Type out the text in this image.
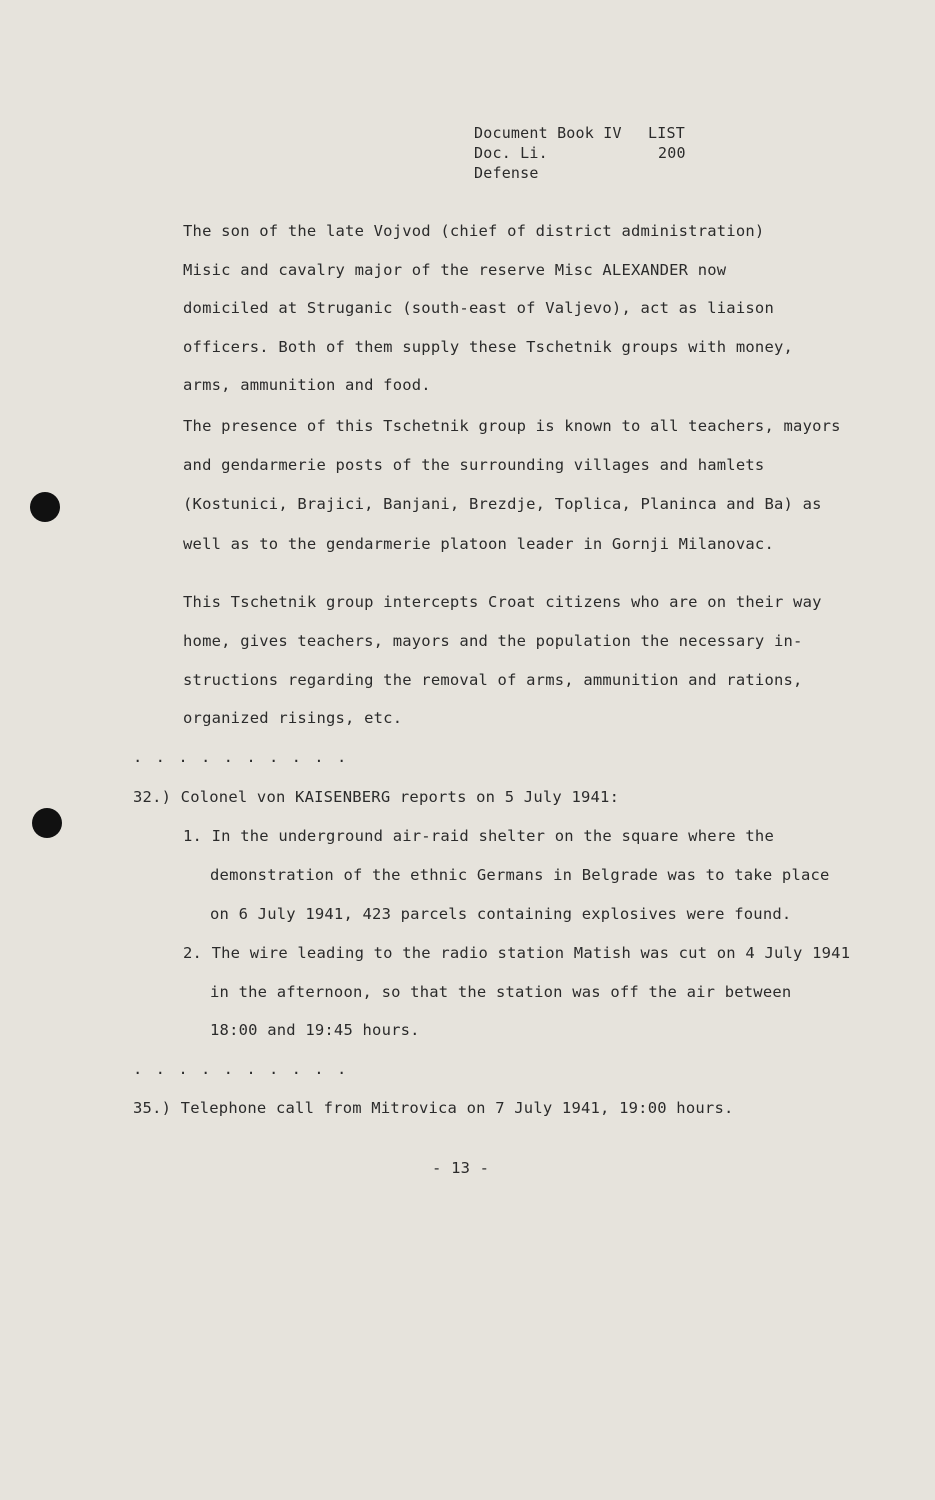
Document Book IV LIST
Doc. Li.	200
Defense
The son of the late Vojvod (chief of district administration)
Misic and cavalry major of the reserve Misc ALEXANDER now
domiciled at Struganic (south-east of Valjevo), act as liaison
officers. Both of them supply these Tschetnik groups with money,
arms, ammunition and food.
The presence of this Tschetnik group is known to all teachers, mayors
and gendarmerie posts of the surrounding villages and hamlets
(Kostunici, Brajici, Banjani, Brezdje, Toplica, Planinca and Ba) as
well as to the gendarmerie platoon leader in Gornji Milanovac.
This Tschetnik group intercepts Croat citizens who are on their way
home, gives teachers, mayors and the population the necessary in-
structions regarding the removal of arms, ammunition and rations,
organized risings, etc.
. . . . . . . . . .
32.) Colonel von KAISENBERG reports on 5 July 1941:
1. In the underground air-raid shelter on the square where the
demonstration of the ethnic Germans in Belgrade was to take place
on 6 July 1941, 423 parcels containing explosives were found.
2. The wire leading to the radio station Matish was cut on 4 July 1941
in the afternoon, so that the station was off the air between
18:00 and 19:45 hours.
. . . . . . . . . .
35.) Telephone call from Mitrovica on 7 July 1941, 19:00 hours.
- 13 -
